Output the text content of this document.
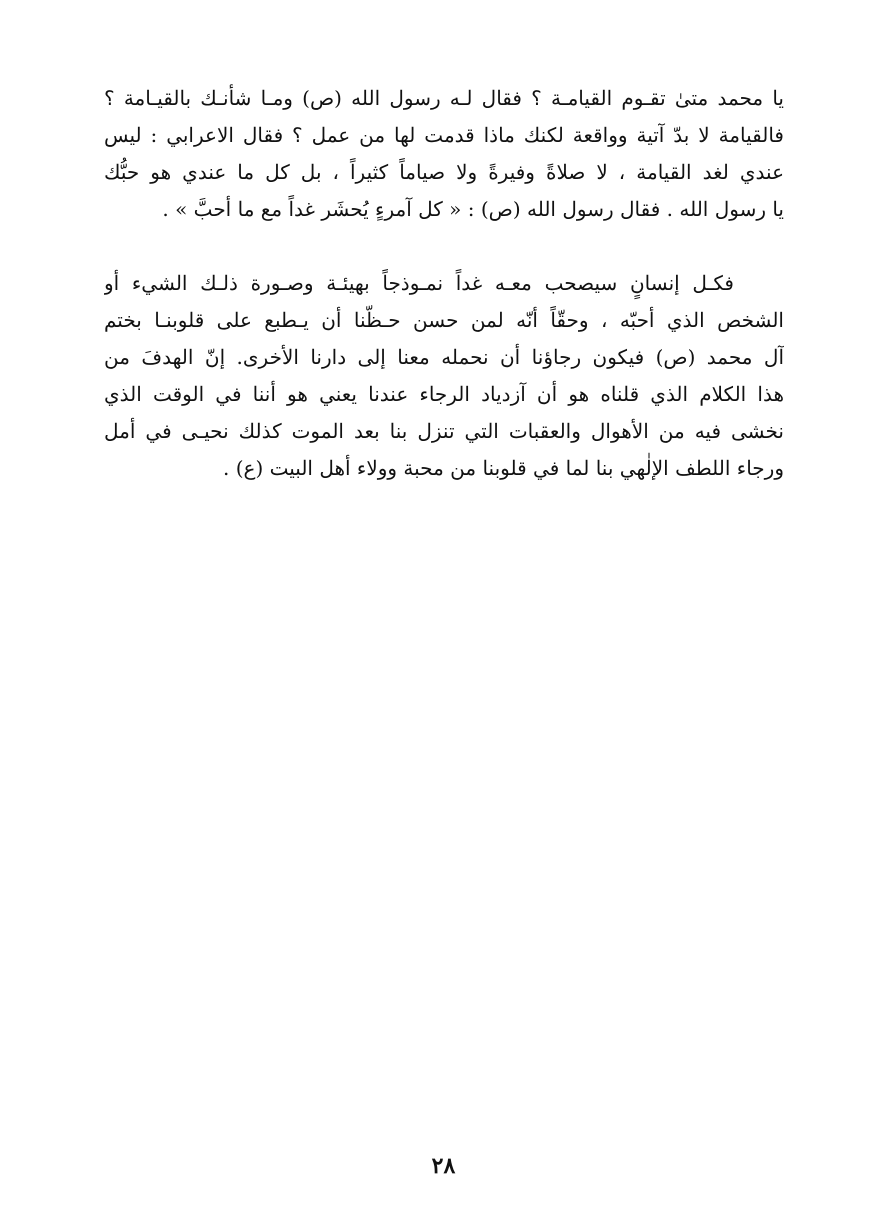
يا محمد متىٰ تقـوم القيامـة ؟ فقال لـه رسول الله (ص) ومـا شأنـك بالقيـامة ؟
فالقيامة لا بدّ آتية وواقعة لكنك ماذا قدمت لها من عمل ؟ فقال الاعرابي : ليس
عندي لغد القيامة ، لا صلاةً وفيرةً ولا صياماً كثيراً ، بل كل ما عندي هو حبُّك
يا رسول الله . فقال رسول الله (ص) : « كل آمرءٍ يُحشَر غداً مع ما أحبَّ » .
فكـل إنسانٍ سيصحب معـه غداً نمـوذجاً بهيئـة وصـورة ذلـك الشيء أو
الشخص الذي أحبّه ، وحقّاً أنّه لمن حسن حـظّنا أن يـطبع على قلوبنـا بختم
آل محمد (ص) فيكون رجاؤنا أن نحمله معنا إلى دارنا الأخرى. إنّ الهدفَ من
هذا الكلام الذي قلناه هو أن آزدياد الرجاء عندنا يعني هو أننا في الوقت الذي
نخشى فيه من الأهوال والعقبات التي تنزل بنا بعد الموت كذلك نحيـى في أمل
ورجاء اللطف الإلٰهي بنا لما في قلوبنا من محبة وولاء أهل البيت (ع) .
٢٨
